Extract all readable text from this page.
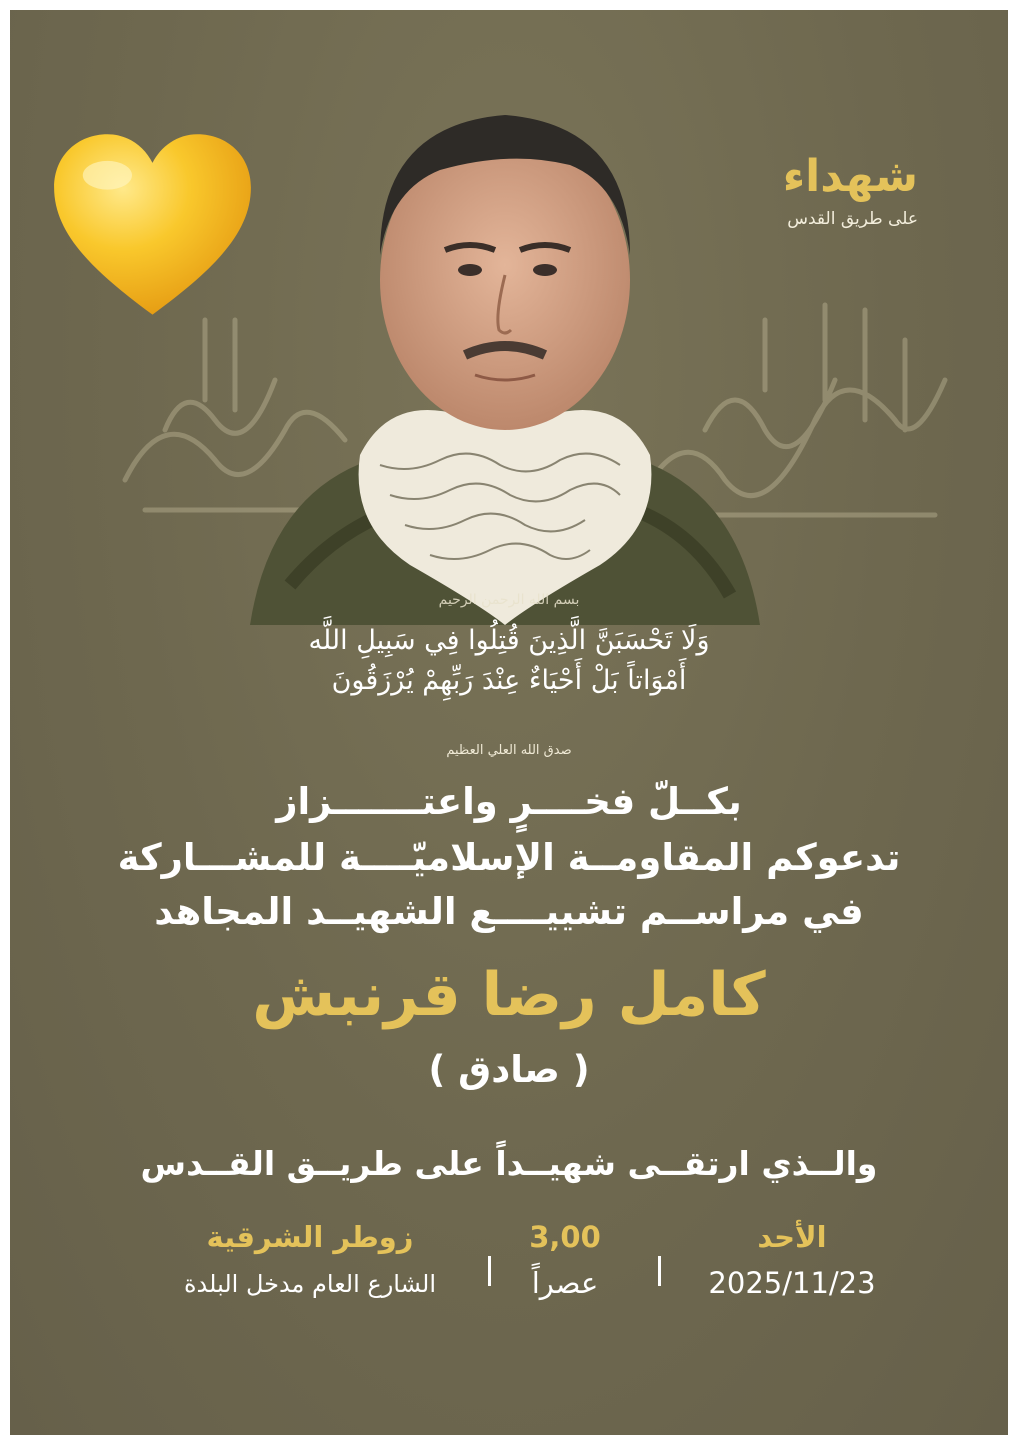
شهداء
على طريق القدس
بسم الله الرحمن الرحيم
وَلَا تَحْسَبَنَّ الَّذِينَ قُتِلُوا فِي سَبِيلِ اللَّه
أَمْوَاتاً بَلْ أَحْيَاءٌ عِنْدَ رَبِّهِمْ يُرْزَقُونَ
صدق الله العلي العظيم
بكــلّ فخــــرٍ واعتـــــــزاز
تدعوكم المقاومــة الإسلاميّــــة للمشـــاركة
في مراســم تشييــــع الشهيــد المجاهد
كامل رضا قرنبش
( صادق )
والــذي ارتقــى شهيــداً على طريــق القــدس
الأحد
2025/11/23
3,00
عصراً
زوطر الشرقية
الشارع العام مدخل البلدة
